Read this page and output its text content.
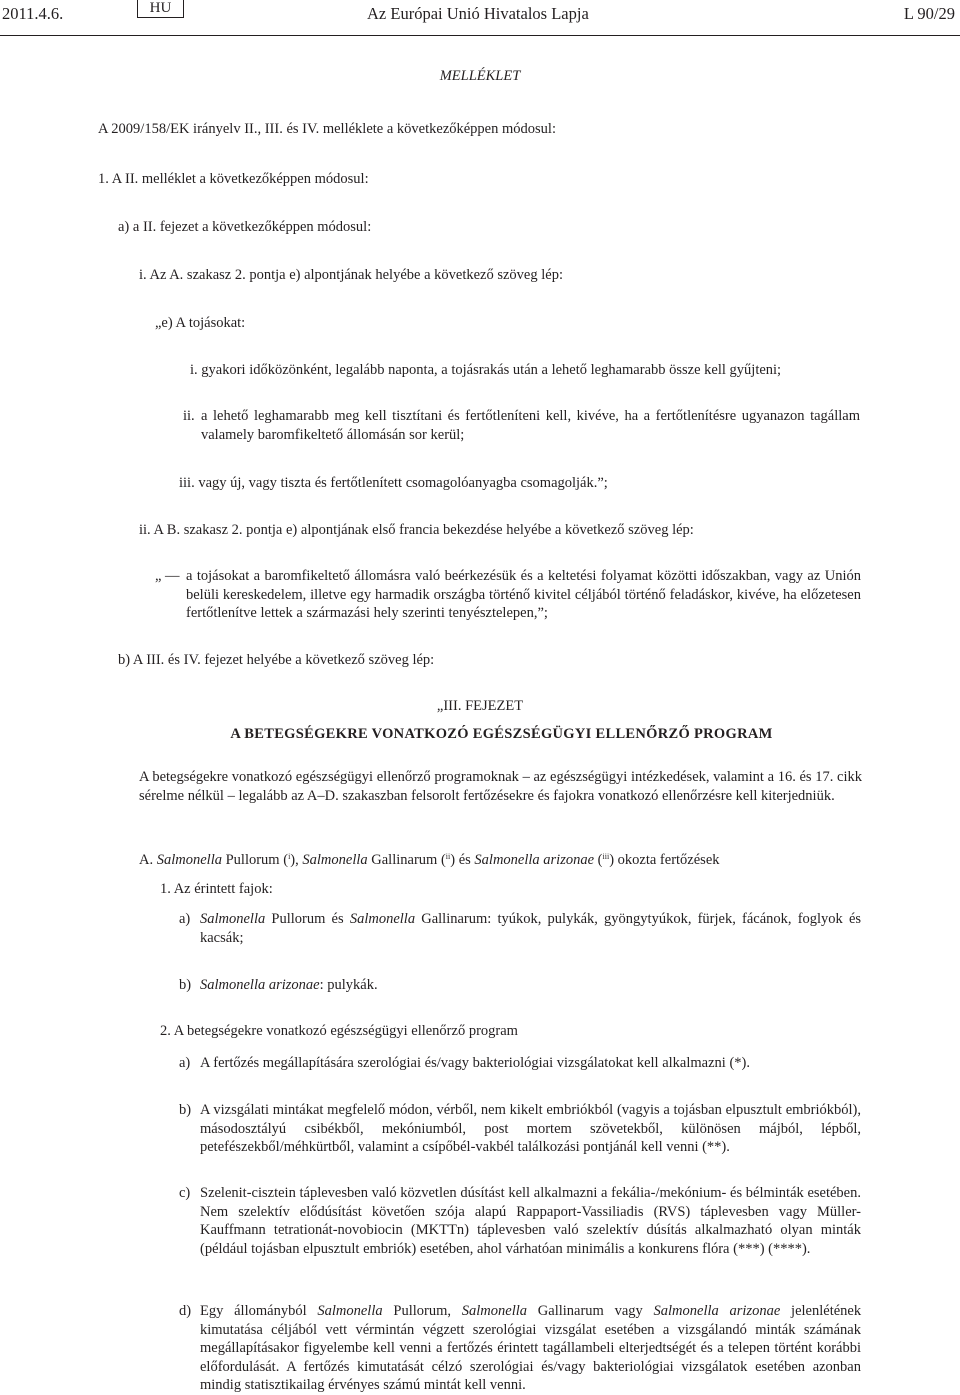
2011.4.6.	HU	Az Európai Unió Hivatalos Lapja	L 90/29
MELLÉKLET
A 2009/158/EK irányelv II., III. és IV. melléklete a következőképpen módosul:
1. A II. melléklet a következőképpen módosul:
a) a II. fejezet a következőképpen módosul:
i. Az A. szakasz 2. pontja e) alpontjának helyébe a következő szöveg lép:
„e) A tojásokat:
i. gyakori időközönként, legalább naponta, a tojásrakás után a lehető leghamarabb össze kell gyűjteni;
ii. a lehető leghamarabb meg kell tisztítani és fertőtleníteni kell, kivéve, ha a fertőtlenítésre ugyanazon tagállam valamely baromfikeltető állomásán sor kerül;
iii. vagy új, vagy tiszta és fertőtlenített csomagolóanyagba csomagolják.”;
ii. A B. szakasz 2. pontja e) alpontjának első francia bekezdése helyébe a következő szöveg lép:
„ — a tojásokat a baromfikeltető állomásra való beérkezésük és a keltetési folyamat közötti időszakban, vagy az Unión belüli kereskedelem, illetve egy harmadik országba történő kivitel céljából történő feladáskor, kivéve, ha előzetesen fertőtlenítve lettek a származási hely szerinti tenyésztelepen,”;
b) A III. és IV. fejezet helyébe a következő szöveg lép:
„III. FEJEZET
A BETEGSÉGEKRE VONATKOZÓ EGÉSZSÉGÜGYI ELLENŐRZŐ PROGRAM
A betegségekre vonatkozó egészségügyi ellenőrző programoknak – az egészségügyi intézkedések, valamint a 16. és 17. cikk sérelme nélkül – legalább az A–D. szakaszban felsorolt fertőzésekre és fajokra vonatkozó ellenőrzésre kell kiterjedniük.
A. Salmonella Pullorum ($^i$), Salmonella Gallinarum ($^{ii}$) és Salmonella arizonae ($^{iii}$) okozta fertőzések
1. Az érintett fajok:
a) Salmonella Pullorum és Salmonella Gallinarum: tyúkok, pulykák, gyöngytyúkok, fürjek, fácánok, foglyok és kacsák;
b) Salmonella arizonae: pulykák.
2. A betegségekre vonatkozó egészségügyi ellenőrző program
a) A fertőzés megállapítására szerológiai és/vagy bakteriológiai vizsgálatokat kell alkalmazni (*).
b) A vizsgálati mintákat megfelelő módon, vérből, nem kikelt embriókból (vagyis a tojásban elpusztult embriókból), másodosztályú csibékből, mekóniumból, post mortem szövetekből, különösen májból, lépből, petefészekből/méhkürtből, valamint a csípőbél-vakbél találkozási pontjánál kell venni (**).
c) Szelenit-cisztein táplevesben való közvetlen dúsítást kell alkalmazni a fekália-/mekónium- és bélminták esetében. Nem szelektív elődúsítást követően szója alapú Rappaport-Vassiliadis (RVS) táplevesben vagy Müller-Kauffmann tetrationát-novobiocin (MKTTn) táplevesben való szelektív dúsítás alkalmazható olyan minták (például tojásban elpusztult embriók) esetében, ahol várhatóan minimális a konkurens flóra (***) (****).
d) Egy állományból Salmonella Pullorum, Salmonella Gallinarum vagy Salmonella arizonae jelenlétének kimutatása céljából vett vérmintán végzett szerológiai vizsgálat esetében a vizsgálandó minták számának megállapításakor figyelembe kell venni a fertőzés érintett tagállambeli elterjedtségét és a telepen történt korábbi előfordulását. A fertőzés kimutatását célzó szerológiai és/vagy bakteriológiai vizsgálatok esetében azonban mindig statisztikailag érvényes számú mintát kell venni.
